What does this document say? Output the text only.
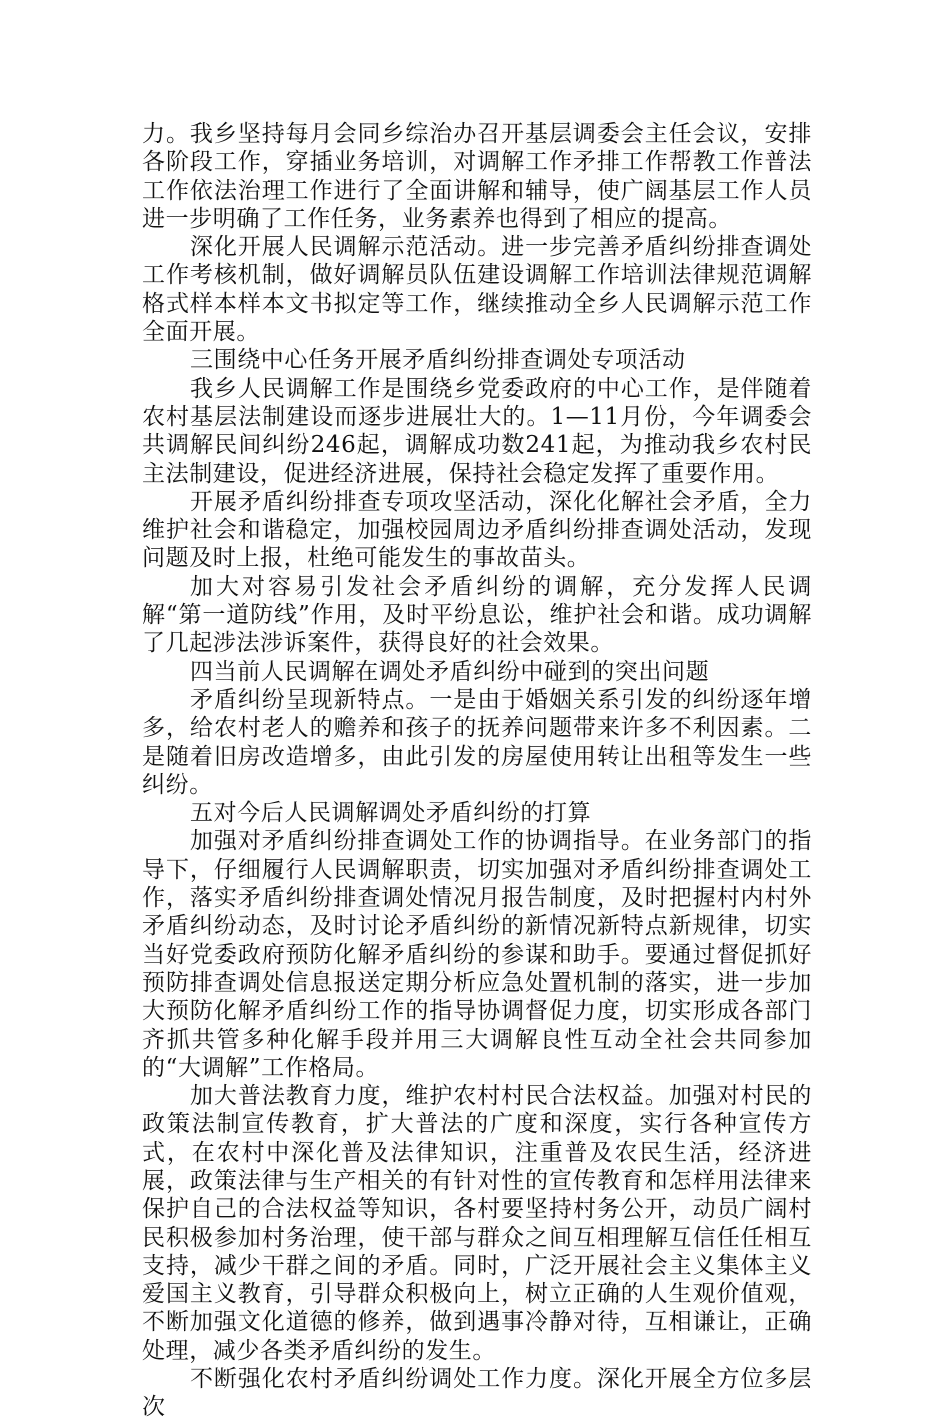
力。我乡坚持每月会同乡综治办召开基层调委会主任会议，安排各阶段工作，穿插业务培训，对调解工作矛排工作帮教工作普法工作依法治理工作进行了全面讲解和辅导，使广阔基层工作人员进一步明确了工作任务，业务素养也得到了相应的提高。

深化开展人民调解示范活动。进一步完善矛盾纠纷排查调处工作考核机制，做好调解员队伍建设调解工作培训法律规范调解格式样本样本文书拟定等工作，继续推动全乡人民调解示范工作全面开展。

三围绕中心任务开展矛盾纠纷排查调处专项活动

我乡人民调解工作是围绕乡党委政府的中心工作，是伴随着农村基层法制建设而逐步进展壮大的。1—11月份，今年调委会共调解民间纠纷246起，调解成功数241起，为推动我乡农村民主法制建设，促进经济进展，保持社会稳定发挥了重要作用。

开展矛盾纠纷排查专项攻坚活动，深化化解社会矛盾，全力维护社会和谐稳定，加强校园周边矛盾纠纷排查调处活动，发现问题及时上报，杜绝可能发生的事故苗头。

加大对容易引发社会矛盾纠纷的调解，充分发挥人民调解“第一道防线”作用，及时平纷息讼，维护社会和谐。成功调解了几起涉法涉诉案件，获得良好的社会效果。

四当前人民调解在调处矛盾纠纷中碰到的突出问题

矛盾纠纷呈现新特点。一是由于婚姻关系引发的纠纷逐年增多，给农村老人的赡养和孩子的抚养问题带来许多不利因素。二是随着旧房改造增多，由此引发的房屋使用转让出租等发生一些纠纷。

五对今后人民调解调处矛盾纠纷的打算

加强对矛盾纠纷排查调处工作的协调指导。在业务部门的指导下，仔细履行人民调解职责，切实加强对矛盾纠纷排查调处工作，落实矛盾纠纷排查调处情况月报告制度，及时把握村内村外矛盾纠纷动态，及时讨论矛盾纠纷的新情况新特点新规律，切实当好党委政府预防化解矛盾纠纷的参谋和助手。要通过督促抓好预防排查调处信息报送定期分析应急处置机制的落实，进一步加大预防化解矛盾纠纷工作的指导协调督促力度，切实形成各部门齐抓共管多种化解手段并用三大调解良性互动全社会共同参加的“大调解”工作格局。

加大普法教育力度，维护农村村民合法权益。加强对村民的政策法制宣传教育，扩大普法的广度和深度，实行各种宣传方式，在农村中深化普及法律知识，注重普及农民生活，经济进展，政策法律与生产相关的有针对性的宣传教育和怎样用法律来保护自己的合法权益等知识，各村要坚持村务公开，动员广阔村民积极参加村务治理，使干部与群众之间互相理解互信任任相互支持，减少干群之间的矛盾。同时，广泛开展社会主义集体主义爱国主义教育，引导群众积极向上，树立正确的人生观价值观，不断加强文化道德的修养，做到遇事冷静对待，互相谦让，正确处理，减少各类矛盾纠纷的发生。

不断强化农村矛盾纠纷调处工作力度。深化开展全方位多层次
